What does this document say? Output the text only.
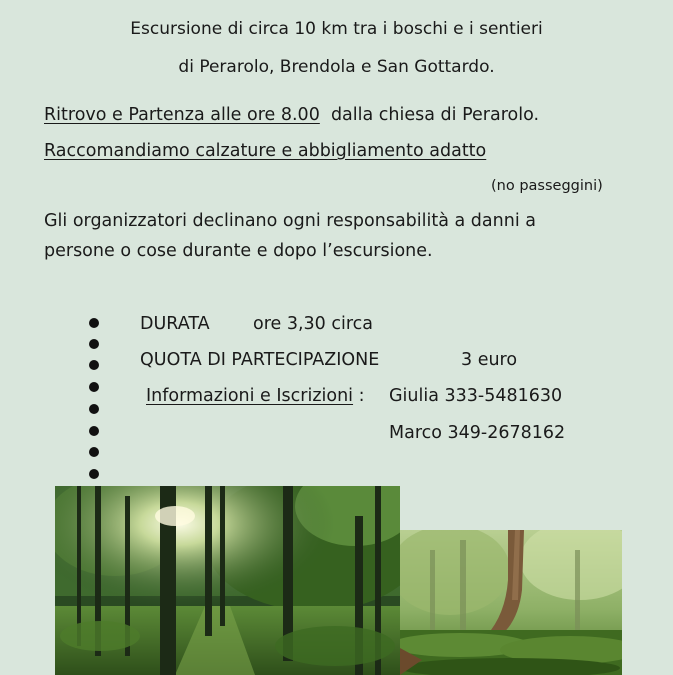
Escursione di circa 10 km tra i boschi e i sentieri
di Perarolo, Brendola e San Gottardo.
Ritrovo e Partenza alle ore 8.00  dalla chiesa di Perarolo.
Raccomandiamo calzature e abbigliamento adatto
(no passeggini)
Gli organizzatori declinano ogni responsabilità a danni a
persone o cose durante e dopo l’escursione.
DURATA ore 3,30 circa
QUOTA DI PARTECIPAZIONE	3 euro
Informazioni e Iscrizioni : Giulia 333-5481630
Marco 349-2678162
